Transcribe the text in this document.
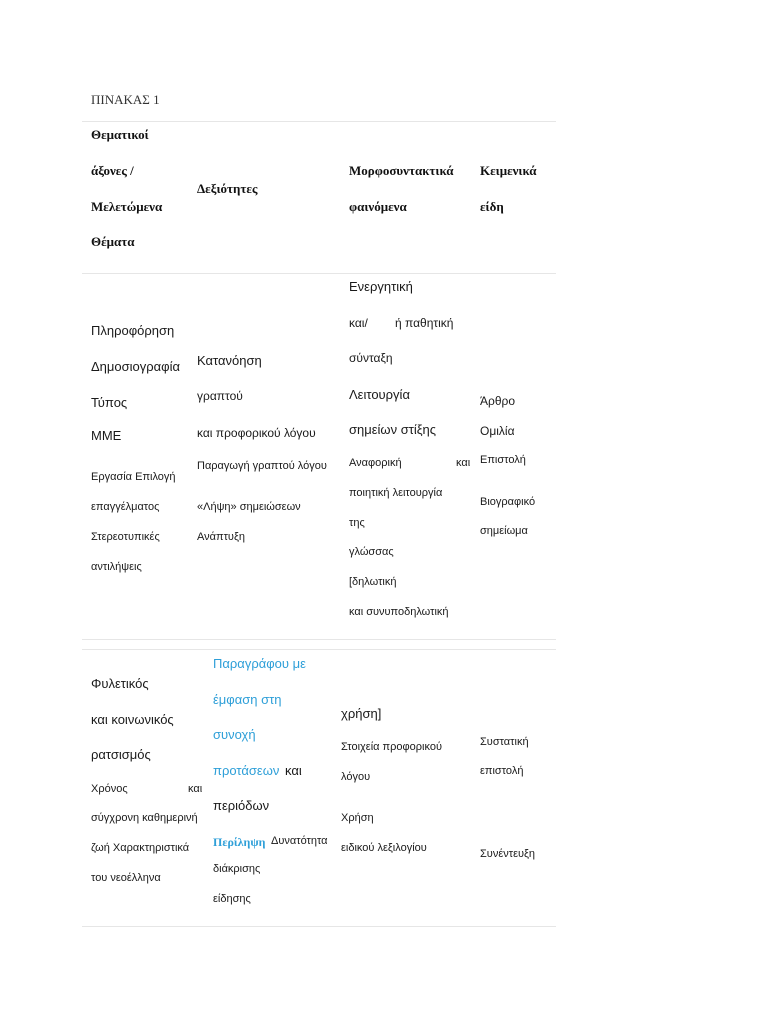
ΠΙΝΑΚΑΣ 1
Θεματικοί
άξονες /
Μελετώμενα
Θέματα
Δεξιότητες
Μορφοσυντακτικά
φαινόμενα
Κειμενικά
είδη
Πληροφόρηση
Δημοσιογραφία
Τύπος
ΜΜΕ
Εργασία Επιλογή
επαγγέλματος
Στερεοτυπικές
αντιλήψεις
Κατανόηση
γραπτού
και προφορικού λόγου
Παραγωγή γραπτού λόγου
«Λήψη» σημειώσεων
Ανάπτυξη
Ενεργητική
και/ ή παθητική
σύνταξη
Λειτουργία
σημείων στίξης
Αναφορική	και
ποιητική λειτουργία
της
γλώσσας
[δηλωτική
και συνυποδηλωτική
Άρθρο
Ομιλία
Επιστολή
Βιογραφικό
σημείωμα
Φυλετικός
και κοινωνικός
ρατσισμός
Χρόνος	και
σύγχρονη καθημερινή
ζωή Χαρακτηριστικά
του νεοέλληνα
Παραγράφου με
έμφαση στη
συνοχή
προτάσεων και
περιόδων
Περίληψη Δυνατότητα
διάκρισης
είδησης
χρήση]
Στοιχεία προφορικού
λόγου
Χρήση
ειδικού λεξιλογίου
Συστατική
επιστολή
Συνέντευξη
